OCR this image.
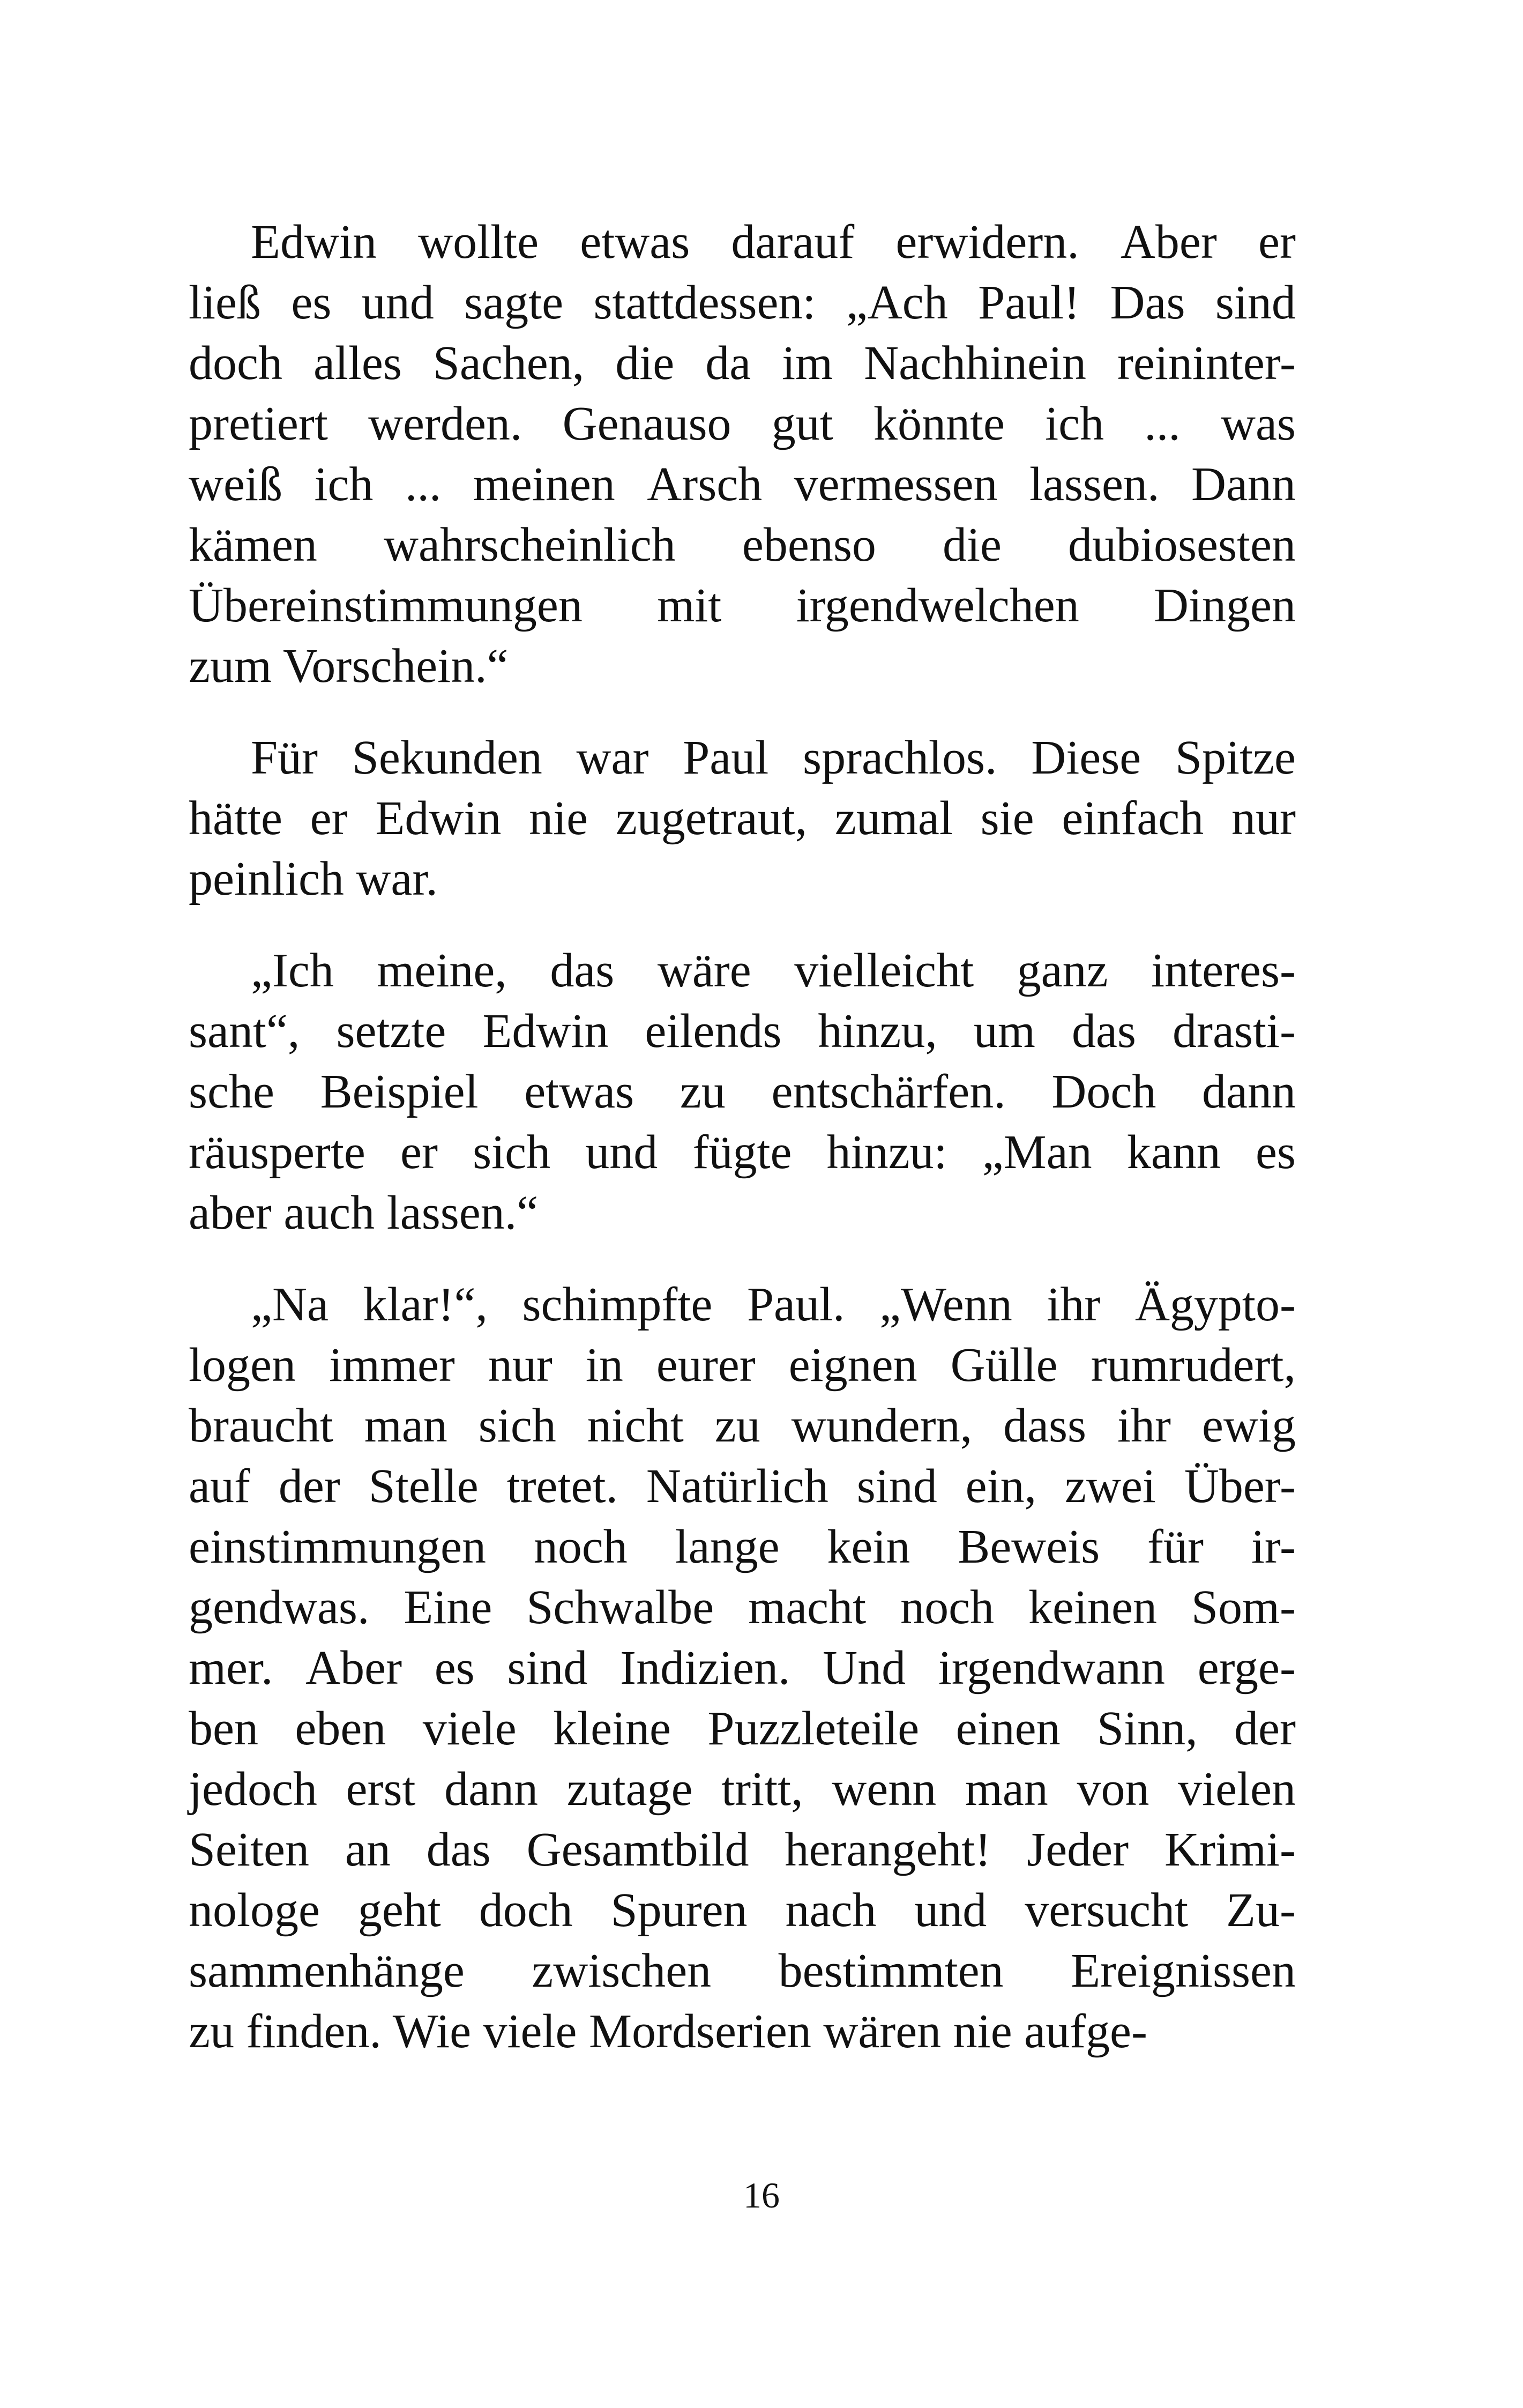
Edwin wollte etwas darauf erwidern. Aber er
ließ es und sagte stattdessen: „Ach Paul! Das sind
doch alles Sachen, die da im Nachhinein reininter-
pretiert werden. Genauso gut könnte ich ... was
weiß ich ... meinen Arsch vermessen lassen. Dann
kämen wahrscheinlich ebenso die dubiosesten
Übereinstimmungen mit irgendwelchen Dingen
zum Vorschein.“
Für Sekunden war Paul sprachlos. Diese Spitze
hätte er Edwin nie zugetraut, zumal sie einfach nur
peinlich war.
„Ich meine, das wäre vielleicht ganz interes-
sant“, setzte Edwin eilends hinzu, um das drasti-
sche Beispiel etwas zu entschärfen. Doch dann
räusperte er sich und fügte hinzu: „Man kann es
aber auch lassen.“
„Na klar!“, schimpfte Paul. „Wenn ihr Ägypto-
logen immer nur in eurer eignen Gülle rumrudert,
braucht man sich nicht zu wundern, dass ihr ewig
auf der Stelle tretet. Natürlich sind ein, zwei Über-
einstimmungen noch lange kein Beweis für ir-
gendwas. Eine Schwalbe macht noch keinen Som-
mer. Aber es sind Indizien. Und irgendwann erge-
ben eben viele kleine Puzzleteile einen Sinn, der
jedoch erst dann zutage tritt, wenn man von vielen
Seiten an das Gesamtbild herangeht! Jeder Krimi-
nologe geht doch Spuren nach und versucht Zu-
sammenhänge zwischen bestimmten Ereignissen
zu finden. Wie viele Mordserien wären nie aufge-
16
